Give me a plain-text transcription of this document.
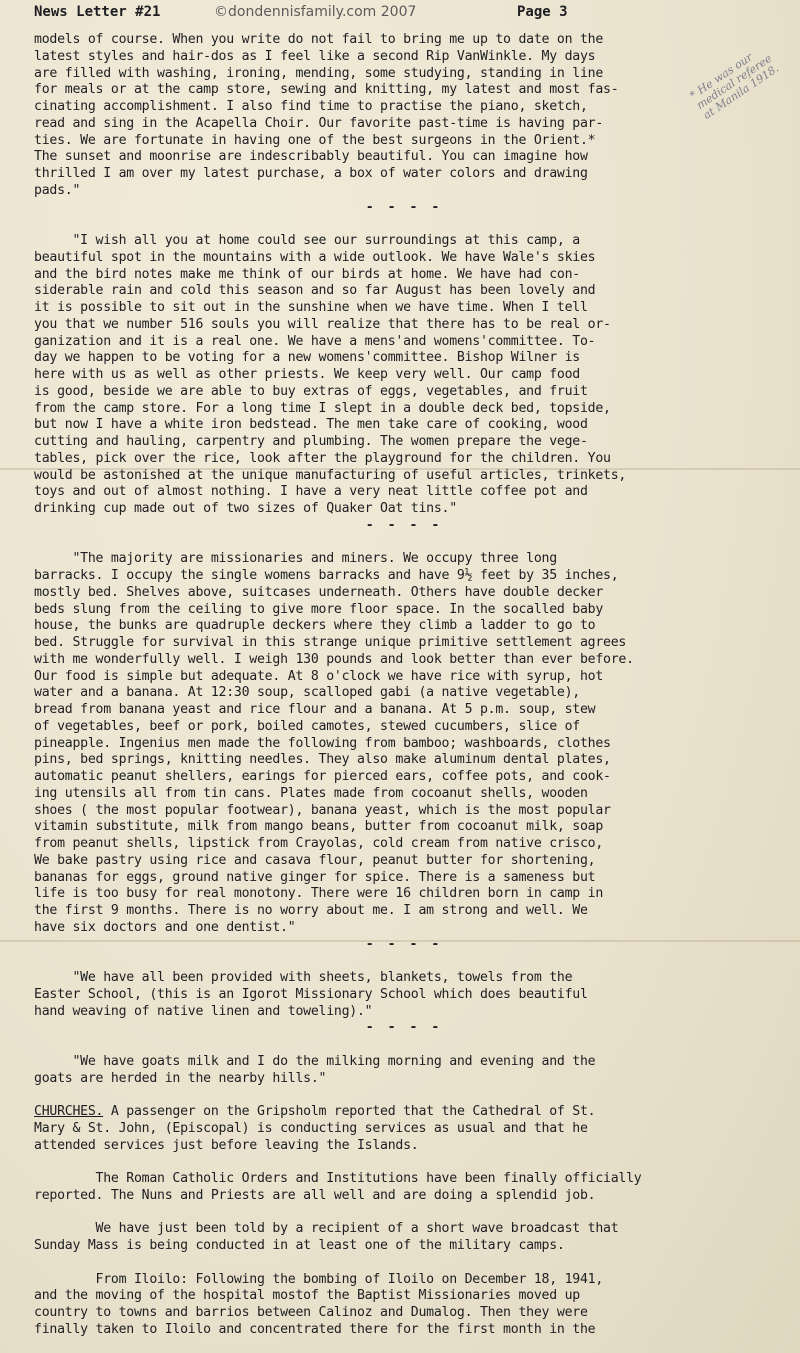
News Letter #21	©dondennisfamily.com 2007	Page 3

models of course. When you write do not fail to bring me up to date on the

latest styles and hair-dos as I feel like a second Rip VanWinkle. My days

are filled with washing, ironing, mending, some studying, standing in line

for meals or at the camp store, sewing and knitting, my latest and most fas-

cinating accomplishment. I also find time to practise the piano, sketch,

read and sing in the Acapella Choir. Our favorite past-time is having par-

ties. We are fortunate in having one of the best surgeons in the Orient.*

The sunset and moonrise are indescribably beautiful. You can imagine how

thrilled I am over my latest purchase, a box of water colors and drawing

pads."

- - - -

"I wish all you at home could see our surroundings at this camp, a

beautiful spot in the mountains with a wide outlook. We have Wale's skies

and the bird notes make me think of our birds at home. We have had con-

siderable rain and cold this season and so far August has been lovely and

it is possible to sit out in the sunshine when we have time. When I tell

you that we number 516 souls you will realize that there has to be real or-

ganization and it is a real one. We have a mens'and womens'committee. To-

day we happen to be voting for a new womens'committee. Bishop Wilner is

here with us as well as other priests. We keep very well. Our camp food

is good, beside we are able to buy extras of eggs, vegetables, and fruit

from the camp store. For a long time I slept in a double deck bed, topside,

but now I have a white iron bedstead. The men take care of cooking, wood

cutting and hauling, carpentry and plumbing. The women prepare the vege-

tables, pick over the rice, look after the playground for the children. You

would be astonished at the unique manufacturing of useful articles, trinkets,

toys and out of almost nothing. I have a very neat little coffee pot and

drinking cup made out of two sizes of Quaker Oat tins."

- - - -

"The majority are missionaries and miners. We occupy three long

barracks. I occupy the single womens barracks and have 9½ feet by 35 inches,

mostly bed. Shelves above, suitcases underneath. Others have double decker

beds slung from the ceiling to give more floor space. In the socalled baby

house, the bunks are quadruple deckers where they climb a ladder to go to

bed. Struggle for survival in this strange unique primitive settlement agrees

with me wonderfully well. I weigh 130 pounds and look better than ever before.

Our food is simple but adequate. At 8 o'clock we have rice with syrup, hot

water and a banana. At 12:30 soup, scalloped gabi (a native vegetable),

bread from banana yeast and rice flour and a banana. At 5 p.m. soup, stew

of vegetables, beef or pork, boiled camotes, stewed cucumbers, slice of

pineapple. Ingenius men made the following from bamboo; washboards, clothes

pins, bed springs, knitting needles. They also make aluminum dental plates,

automatic peanut shellers, earings for pierced ears, coffee pots, and cook-

ing utensils all from tin cans. Plates made from cocoanut shells, wooden

shoes ( the most popular footwear), banana yeast, which is the most popular

vitamin substitute, milk from mango beans, butter from cocoanut milk, soap

from peanut shells, lipstick from Crayolas, cold cream from native crisco,

We bake pastry using rice and casava flour, peanut butter for shortening,

bananas for eggs, ground native ginger for spice. There is a sameness but

life is too busy for real monotony. There were 16 children born in camp in

the first 9 months. There is no worry about me. I am strong and well. We

have six doctors and one dentist."

- - - -

"We have all been provided with sheets, blankets, towels from the

Easter School, (this is an Igorot Missionary School which does beautiful

hand weaving of native linen and toweling)."

- - - -

"We have goats milk and I do the milking morning and evening and the

goats are herded in the nearby hills."

CHURCHES. A passenger on the Gripsholm reported that the Cathedral of St.

Mary & St. John, (Episcopal) is conducting services as usual and that he

attended services just before leaving the Islands.

The Roman Catholic Orders and Institutions have been finally officially

reported. The Nuns and Priests are all well and are doing a splendid job.

We have just been told by a recipient of a short wave broadcast that

Sunday Mass is being conducted in at least one of the military camps.

From Iloilo: Following the bombing of Iloilo on December 18, 1941,

and the moving of the hospital mostof the Baptist Missionaries moved up

country to towns and barrios between Calinoz and Dumalog. Then they were

finally taken to Iloilo and concentrated there for the first month in the

* He was our
medical referee
at Manila 1918.
